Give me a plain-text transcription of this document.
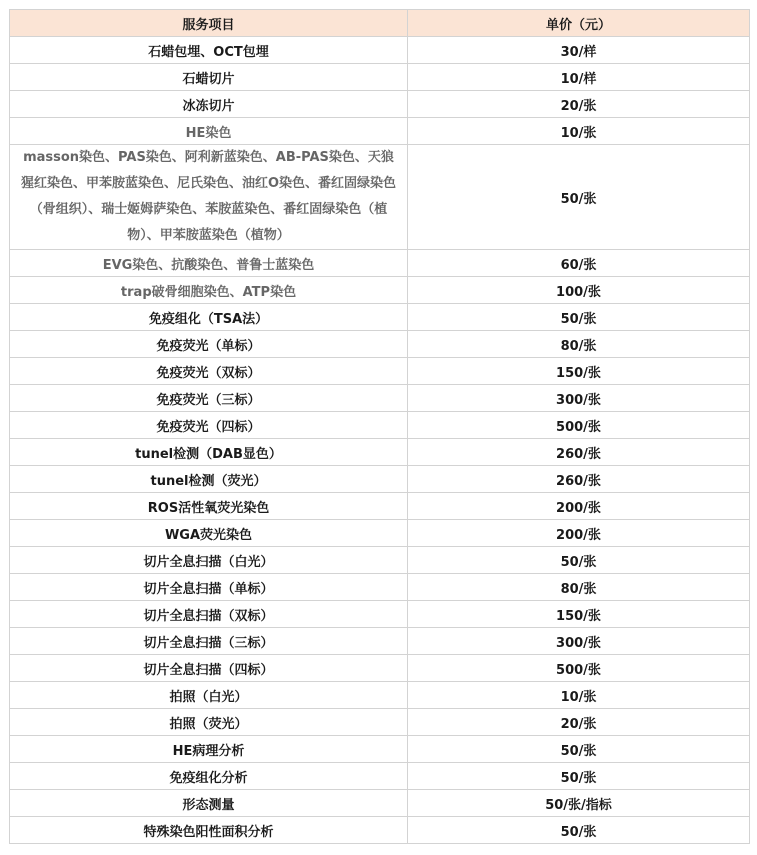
服务项目	单价（元）
石蜡包埋、OCT包埋	30/样
石蜡切片	10/样
冰冻切片	20/张
HE染色	10/张
masson染色、PAS染色、阿利新蓝染色、AB-PAS染色、天狼猩红染色、甲苯胺蓝染色、尼氏染色、油红O染色、番红固绿染色（骨组织）、瑞士姬姆萨染色、苯胺蓝染色、番红固绿染色（植物）、甲苯胺蓝染色（植物）	50/张
EVG染色、抗酸染色、普鲁士蓝染色	60/张
trap破骨细胞染色、ATP染色	100/张
免疫组化（TSA法）	50/张
免疫荧光（单标）	80/张
免疫荧光（双标）	150/张
免疫荧光（三标）	300/张
免疫荧光（四标）	500/张
tunel检测（DAB显色）	260/张
tunel检测（荧光）	260/张
ROS活性氧荧光染色	200/张
WGA荧光染色	200/张
切片全息扫描（白光）	50/张
切片全息扫描（单标）	80/张
切片全息扫描（双标）	150/张
切片全息扫描（三标）	300/张
切片全息扫描（四标）	500/张
拍照（白光）	10/张
拍照（荧光）	20/张
HE病理分析	50/张
免疫组化分析	50/张
形态测量	50/张/指标
特殊染色阳性面积分析	50/张
